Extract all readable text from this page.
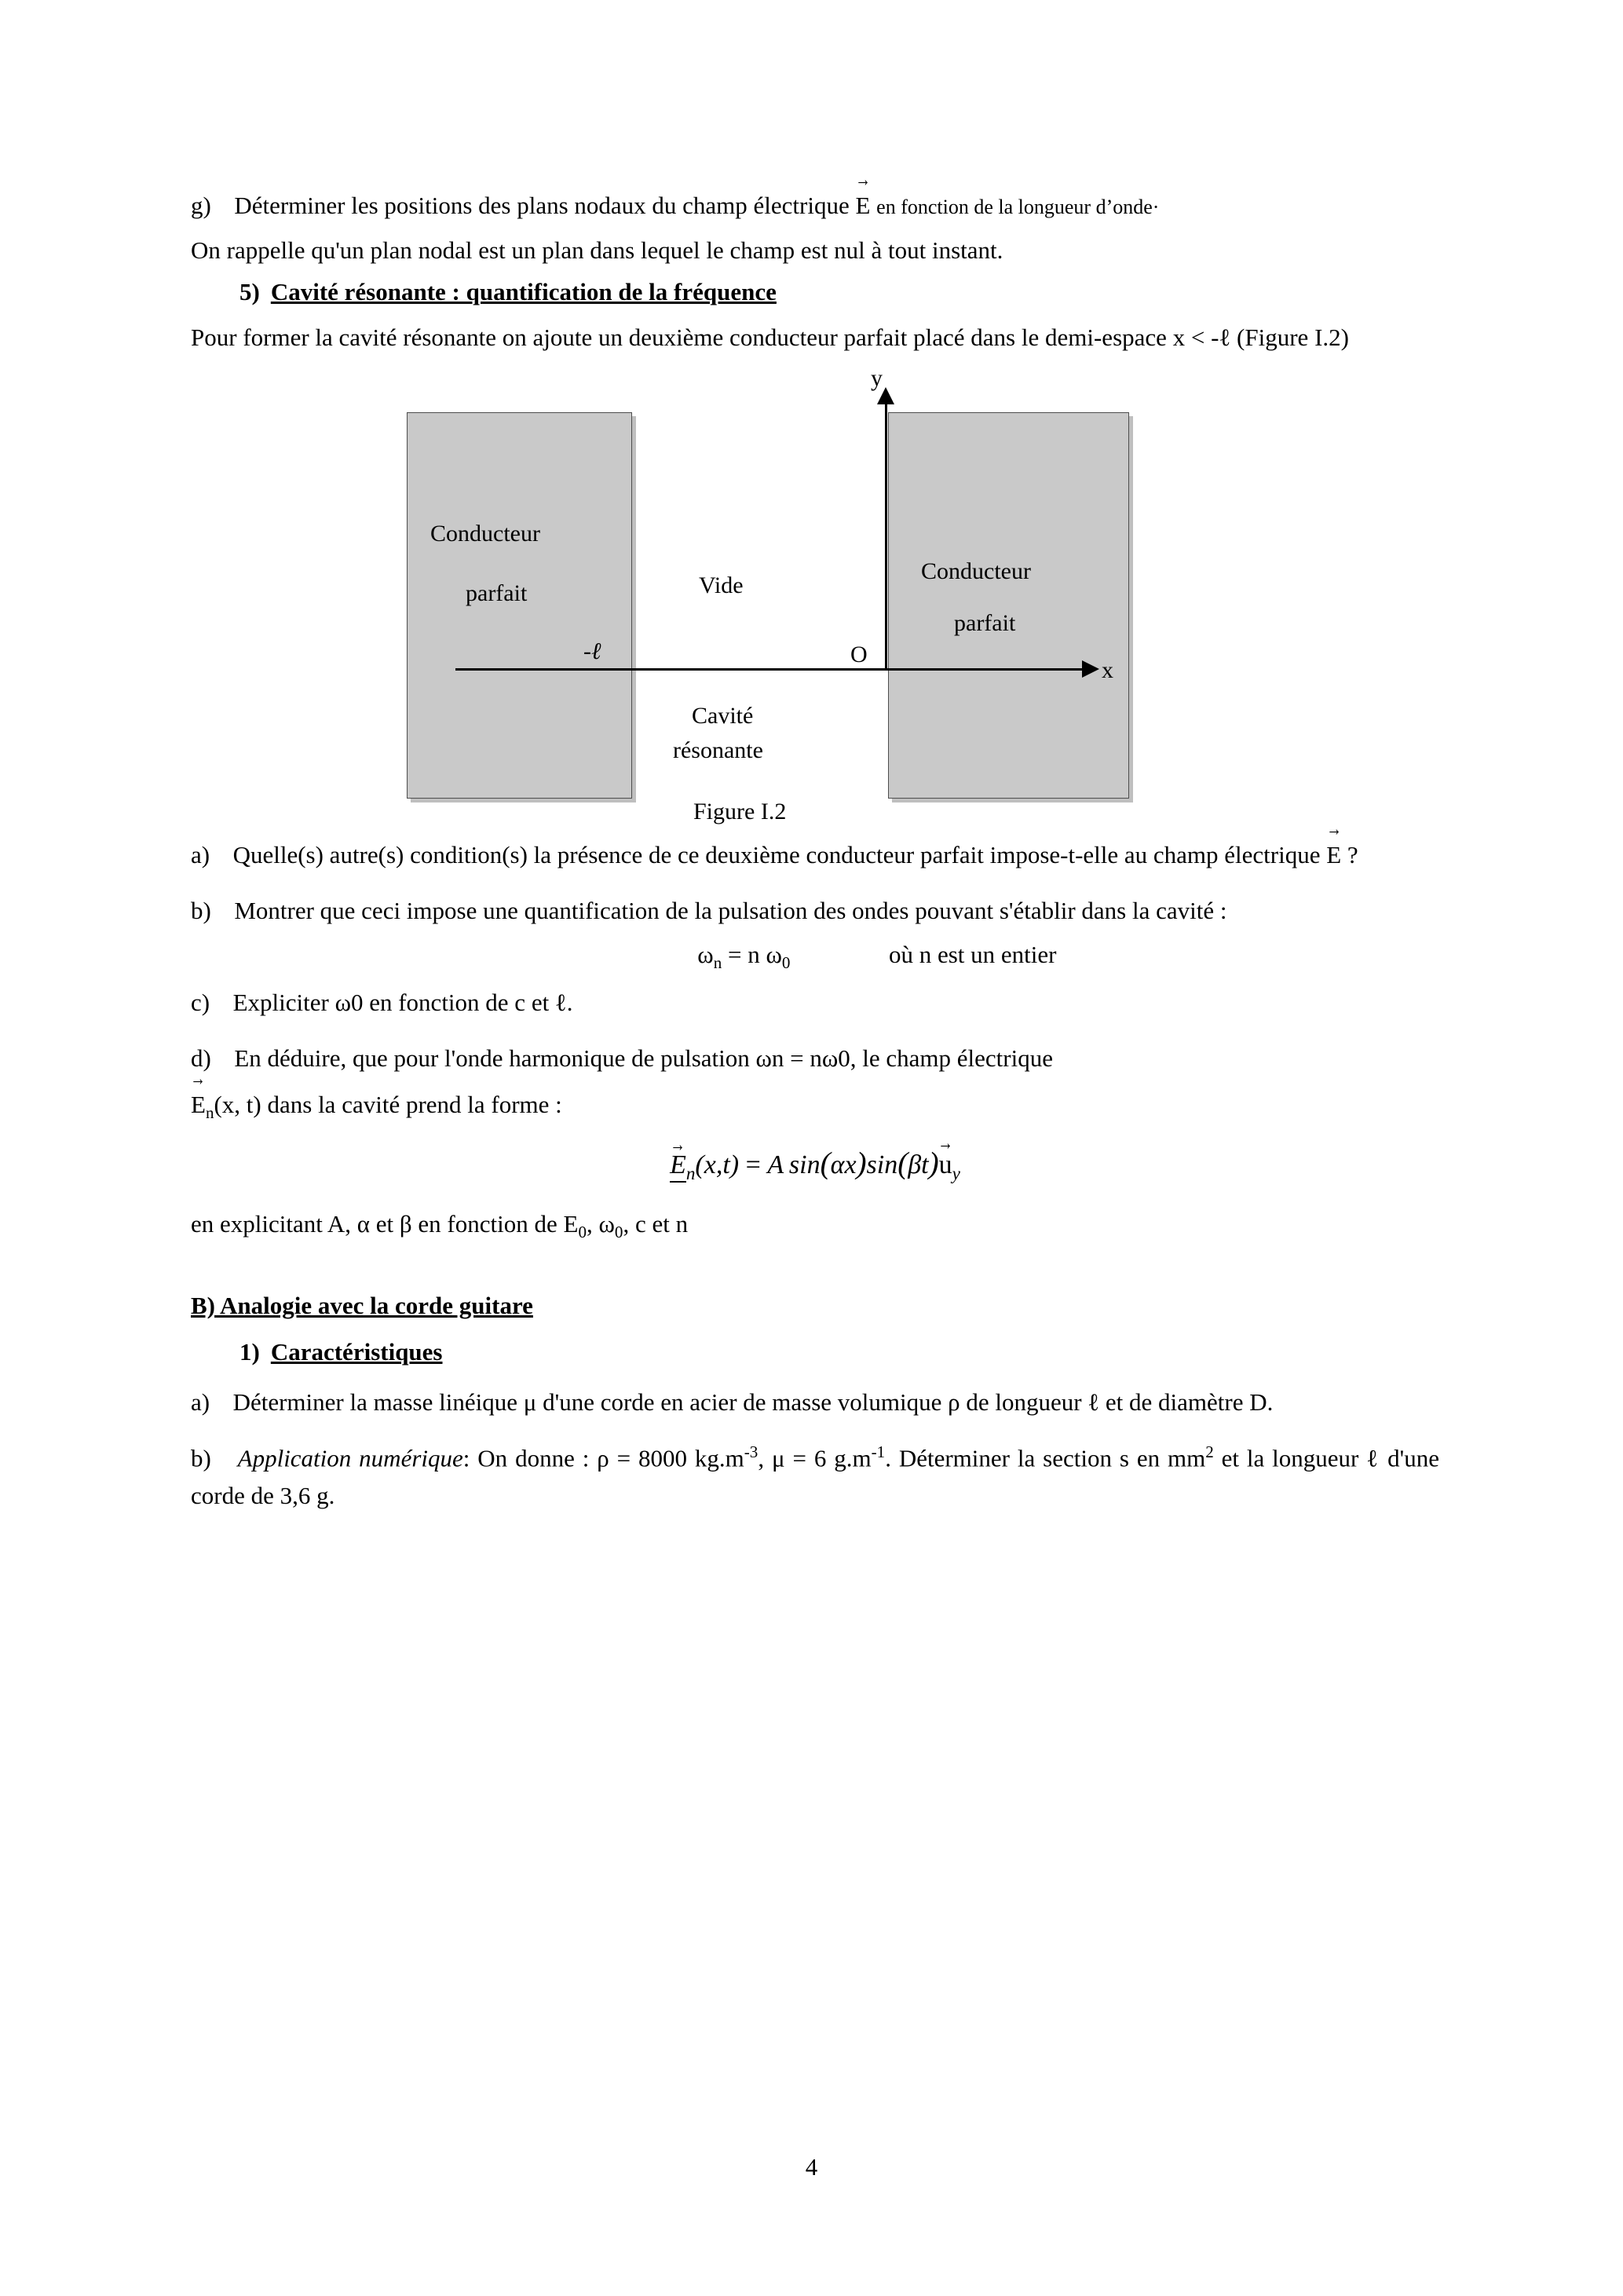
g) Déterminer les positions des plans nodaux du champ électrique → E en fonction de la longueur d’onde·
On rappelle qu'un plan nodal est un plan dans lequel le champ est nul à tout instant.
5) Cavité résonante : quantification de la fréquence
Pour former la cavité résonante on ajoute un deuxième conducteur parfait placé dans le demi-espace x < -ℓ (Figure I.2)
x
y
O
-ℓ
Conducteur
parfait
Conducteur
parfait
Vide
Cavité
résonante
Figure I.2
a) Quelle(s) autre(s) condition(s) la présence de ce deuxième conducteur parfait impose-t-elle au champ électrique → E ?
b) Montrer que ceci impose une quantification de la pulsation des ondes pouvant s'établir dans la cavité :
$\omega_n = n$ $\omega_0$	où n est un entier
c) Expliciter ω0 en fonction de c et ℓ.
d) En déduire, que pour l'onde harmonique de pulsation ωn = nω0, le champ électrique
→ $E_n(x$, t) dans la cavité prend la forme :
→ $E_n(x,t) = A$ $\sin(\alpha x)\sin(\beta t)\to u_y$
en explicitant A, α et β en fonction de $E_0$, $\omega_0$, c et n
B) Analogie avec la corde guitare
1) Caractéristiques
a) Déterminer la masse linéique μ d'une corde en acier de masse volumique ρ de longueur ℓ et de diamètre D.
b) Application numérique: On donne : ρ = 8000 $kg.m^{-3}$, μ = 6 $g.m^{-1}$. Déterminer la section s en $mm^2$ et la longueur ℓ d'une corde de 3,6 g.
4
